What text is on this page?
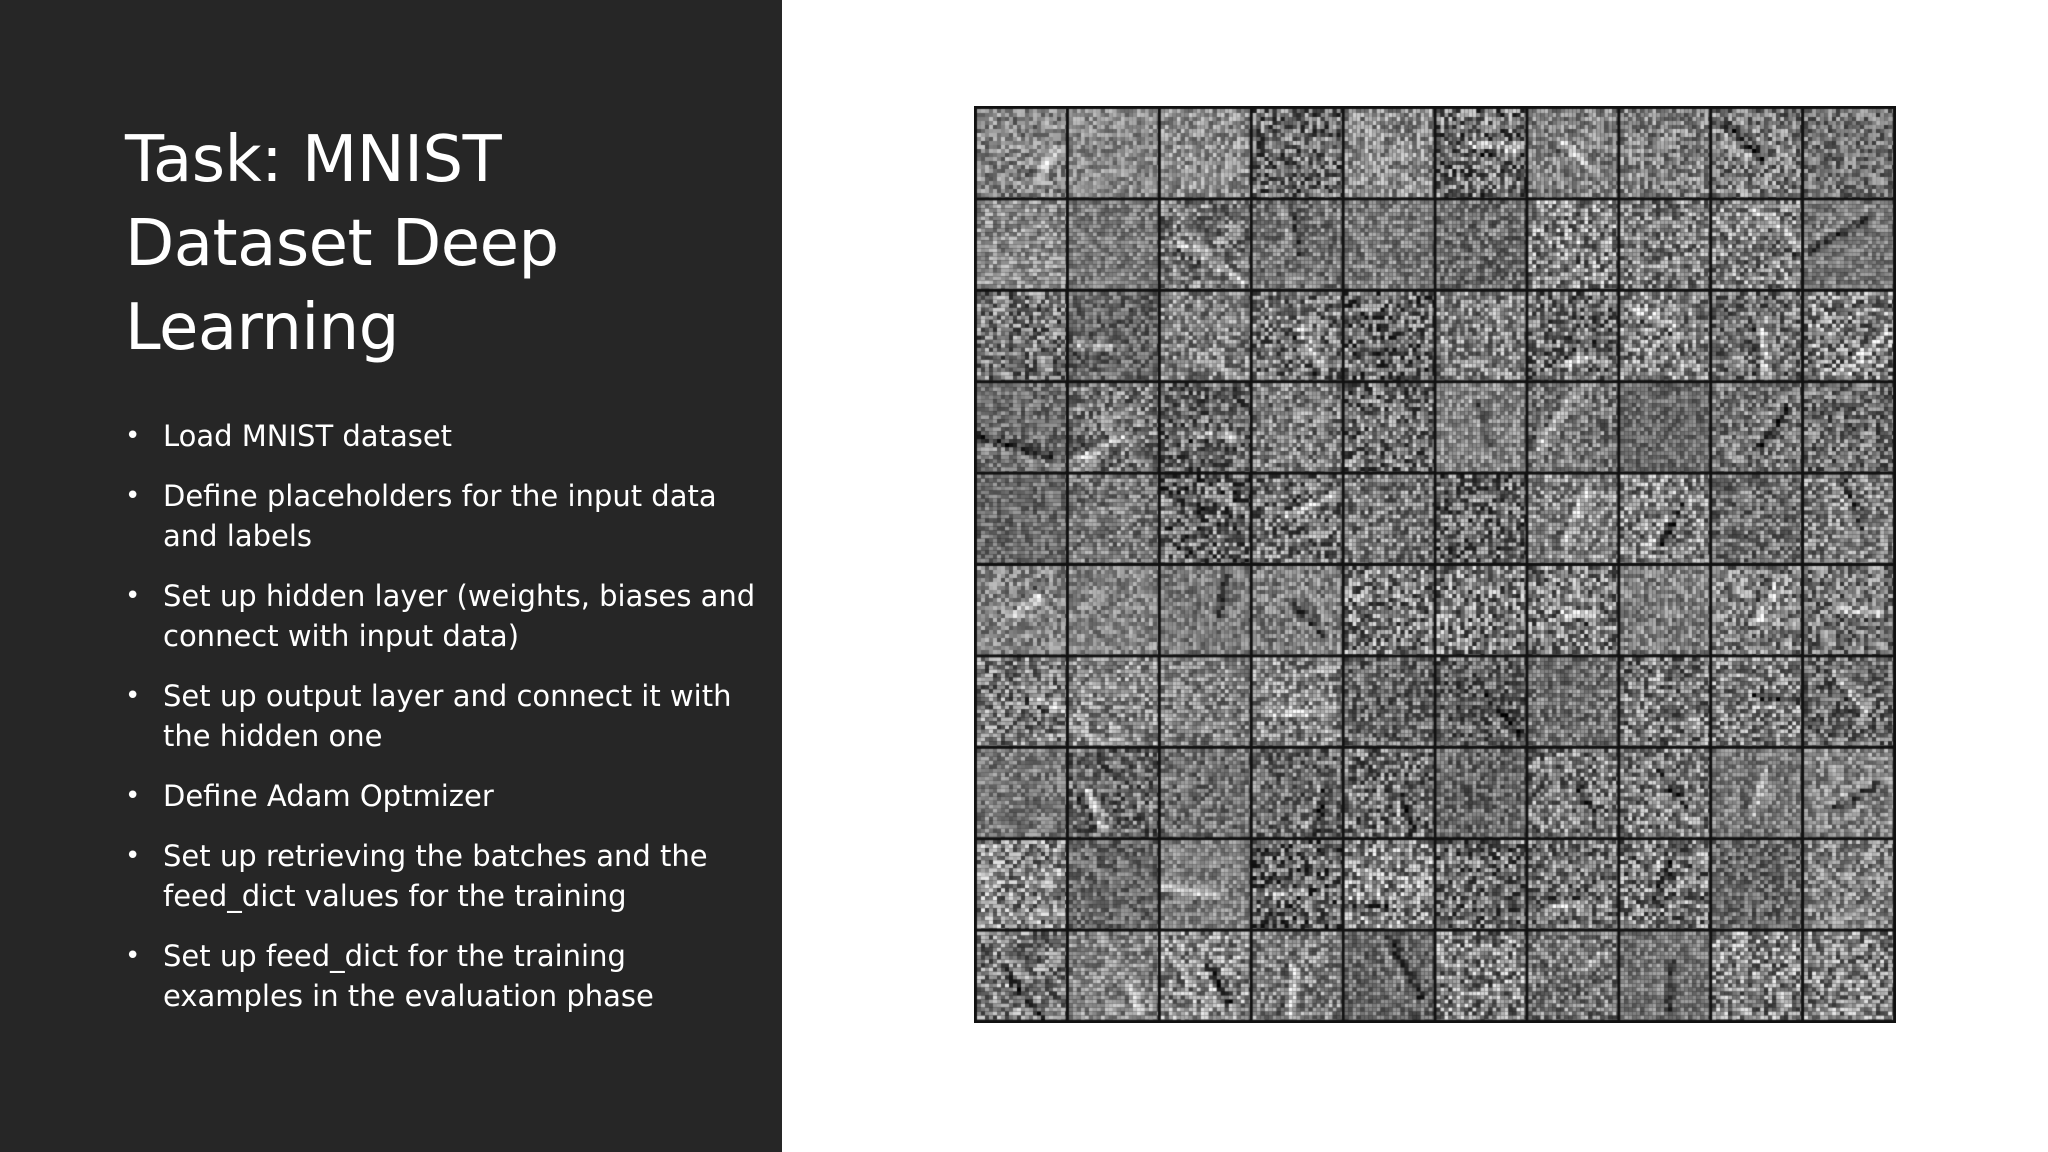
Task: MNIST Dataset Deep Learning
• Load MNIST dataset
• Define placeholders for the input data and labels
• Set up hidden layer (weights, biases and connect with input data)
• Set up output layer and connect it with the hidden one
• Define Adam Optmizer
• Set up retrieving the batches and the feed_dict values for the training
• Set up feed_dict for the training examples in the evaluation phase
